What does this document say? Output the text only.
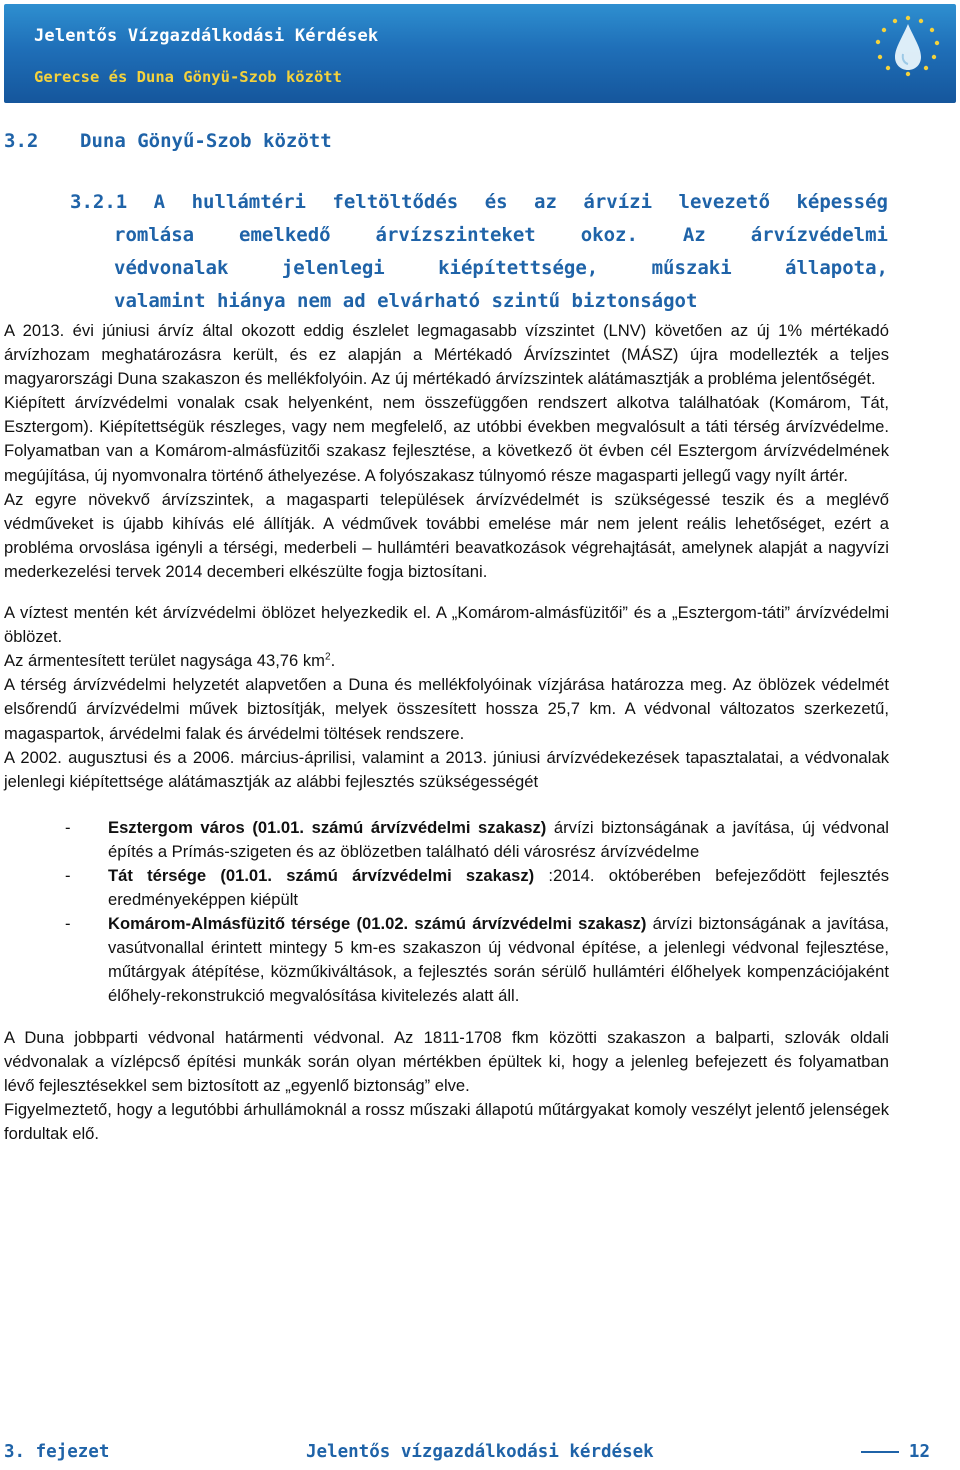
Jelentős Vízgazdálkodási Kérdések
Gerecse és Duna Gönyü-Szob között
3.2 Duna Gönyű-Szob között
3.2.1 A hullámtéri feltöltődés és az árvízi levezető képesség
romlása emelkedő árvízszinteket okoz. Az árvízvédelmi
védvonalak jelenlegi kiépítettsége, műszaki állapota,
valamint hiánya nem ad elvárható szintű biztonságot

A 2013. évi júniusi árvíz által okozott eddig észlelet legmagasabb vízszintet (LNV) követően az új 1% mértékadó árvízhozam meghatározásra került, és ez alapján a Mértékadó Árvízszintet (MÁSZ) újra modellezték a teljes magyarországi Duna szakaszon és mellékfolyóin. Az új mértékadó árvízszintek alátámasztják a probléma jelentőségét.

Kiépített árvízvédelmi vonalak csak helyenként, nem összefüggően rendszert alkotva találhatóak (Komárom, Tát, Esztergom). Kiépítettségük részleges, vagy nem megfelelő, az utóbbi években megvalósult a táti térség árvízvédelme. Folyamatban van a Komárom-almásfüzitői szakasz fejlesztése, a következő öt évben cél Esztergom árvízvédelmének megújítása, új nyomvonalra történő áthelyezése. A folyószakasz túlnyomó része magasparti jellegű vagy nyílt ártér.

Az egyre növekvő árvízszintek, a magasparti települések árvízvédelmét is szükségessé teszik és a meglévő védműveket is újabb kihívás elé állítják. A védművek további emelése már nem jelent reális lehetőséget, ezért a probléma orvoslása igényli a térségi, mederbeli – hullámtéri beavatkozások végrehajtását, amelynek alapját a nagyvízi mederkezelési tervek 2014 decemberi elkészülte fogja biztosítani.

A víztest mentén két árvízvédelmi öblözet helyezkedik el. A „Komárom-almásfüzitői” és a „Esztergom-táti” árvízvédelmi öblözet.

Az ármentesített terület nagysága 43,76 $km^2$.

A térség árvízvédelmi helyzetét alapvetően a Duna és mellékfolyóinak vízjárása határozza meg. Az öblözek védelmét elsőrendű árvízvédelmi művek biztosítják, melyek összesített hossza 25,7 km. A védvonal változatos szerkezetű, magaspartok, árvédelmi falak és árvédelmi töltések rendszere.

A 2002. augusztusi és a 2006. március-áprilisi, valamint a 2013. júniusi árvízvédekezések tapasztalatai, a védvonalak jelenlegi kiépítettsége alátámasztják az alábbi fejlesztés szükségességét

- Esztergom város (01.01. számú árvízvédelmi szakasz) árvízi biztonságának a javítása, új védvonal építés a Prímás-szigeten és az öblözetben található déli városrész árvízvédelme
- Tát térsége (01.01. számú árvízvédelmi szakasz) :2014. októberében befejeződött fejlesztés eredményeképpen kiépült
- Komárom-Almásfüzitő térsége (01.02. számú árvízvédelmi szakasz) árvízi biztonságának a javítása, vasútvonallal érintett mintegy 5 km-es szakaszon új védvonal építése, a jelenlegi védvonal fejlesztése, műtárgyak átépítése, közműkiváltások, a fejlesztés során sérülő hullámtéri élőhelyek kompenzációjaként élőhely-rekonstrukció megvalósítása kivitelezés alatt áll.

A Duna jobbparti védvonal határmenti védvonal. Az 1811-1708 fkm közötti szakaszon a balparti, szlovák oldali védvonalak a vízlépcső építési munkák során olyan mértékben épültek ki, hogy a jelenleg befejezett és folyamatban lévő fejlesztésekkel sem biztosított az „egyenlő biztonság” elve.

Figyelmeztető, hogy a legutóbbi árhullámoknál a rossz műszaki állapotú műtárgyakat komoly veszélyt jelentő jelenségek fordultak elő.

3. fejezet	Jelentős vízgazdálkodási kérdések	12
